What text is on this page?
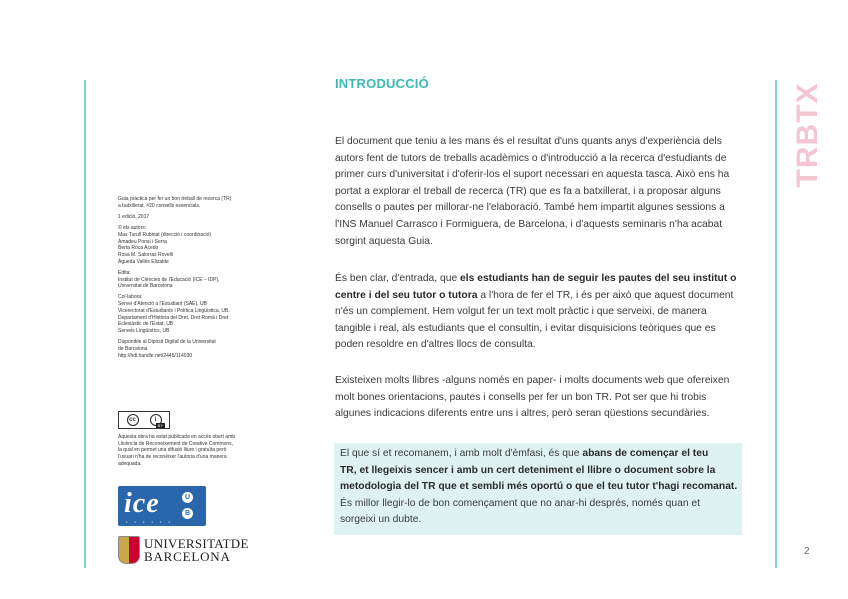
TRBTX
2

Guia pràctica per fer un bon treball de recerca (TR)
a batxillerat. #20 consells essencials.

1 edició, 2017

© els autors:
Mas Turull Rubinat (direcció i coordinació)
Amadeu Ponsí i Serra
Berta Roca Acedo
Rosa M. Salorras Rovelli
Àgueda Vallès Elizalde

Edita:
Institut de Ciències de l'Educació (ICE – IDP),
Universitat de Barcelona

Col·labora:
Servei d'Atenció a l'Estudiant (SAE), UB
Vicerectorat d'Estudiants i Política Lingüística, UB.
Departament d'Història del Dret, Dret Romà i Dret
Eclesiàstic de l'Estat, UB
Serveis Lingüístics, UB

Disponible al Dipòsit Digital de la Universitat
de Barcelona
http://hdl.handle.net/2445/114030

cc	i
BY
Aquesta obra ha estat publicada en accés obert amb
Llicència de Reconeixement de Creative Commons,
la qual en permet una difusió lliure i gratuïta però
l'usuari n'ha de reconèixer l'autoria d'una manera
adequada.
ice	U
B
• • • • • •
UNIVERSITATDE
BARCELONA
INTRODUCCIÓ

El document que teniu a les mans és el resultat d'uns quants anys d'experiència dels
autors fent de tutors de treballs acadèmics o d'introducció a la recerca d'estudiants de
primer curs d'universitat i d'oferir-los el suport necessari en aquesta tasca. Això ens ha
portat a explorar el treball de recerca (TR) que es fa a batxillerat, i a proposar alguns
consells o pautes per millorar-ne l'elaboració. També hem impartit algunes sessions a
l'INS Manuel Carrasco i Formiguera, de Barcelona, i d'aquests seminaris n'ha acabat
sorgint aquesta Guia.

És ben clar, d'entrada, que els estudiants han de seguir les pautes del seu institut o
centre i del seu tutor o tutora a l'hora de fer el TR, i és per això que aquest document
n'és un complement. Hem volgut fer un text molt pràctic i que serveixi, de manera
tangible i real, als estudiants que el consultin, i evitar disquisicions teòriques que es
poden resoldre en d'altres llocs de consulta.

Existeixen molts llibres -alguns només en paper- i molts documents web que ofereixen
molt bones orientacions, pautes i consells per fer un bon TR. Pot ser que hi trobis
algunes indicacions diferents entre uns i altres, però seran qüestions secundàries.

El que sí et recomanem, i amb molt d'èmfasi, és que abans de començar el teu
TR, et llegeixis sencer i amb un cert deteniment el llibre o document sobre la
metodologia del TR que et sembli més oportú o que el teu tutor t'hagi recomanat.
És millor llegir-lo de bon començament que no anar-hi després, només quan et
sorgeixi un dubte.
